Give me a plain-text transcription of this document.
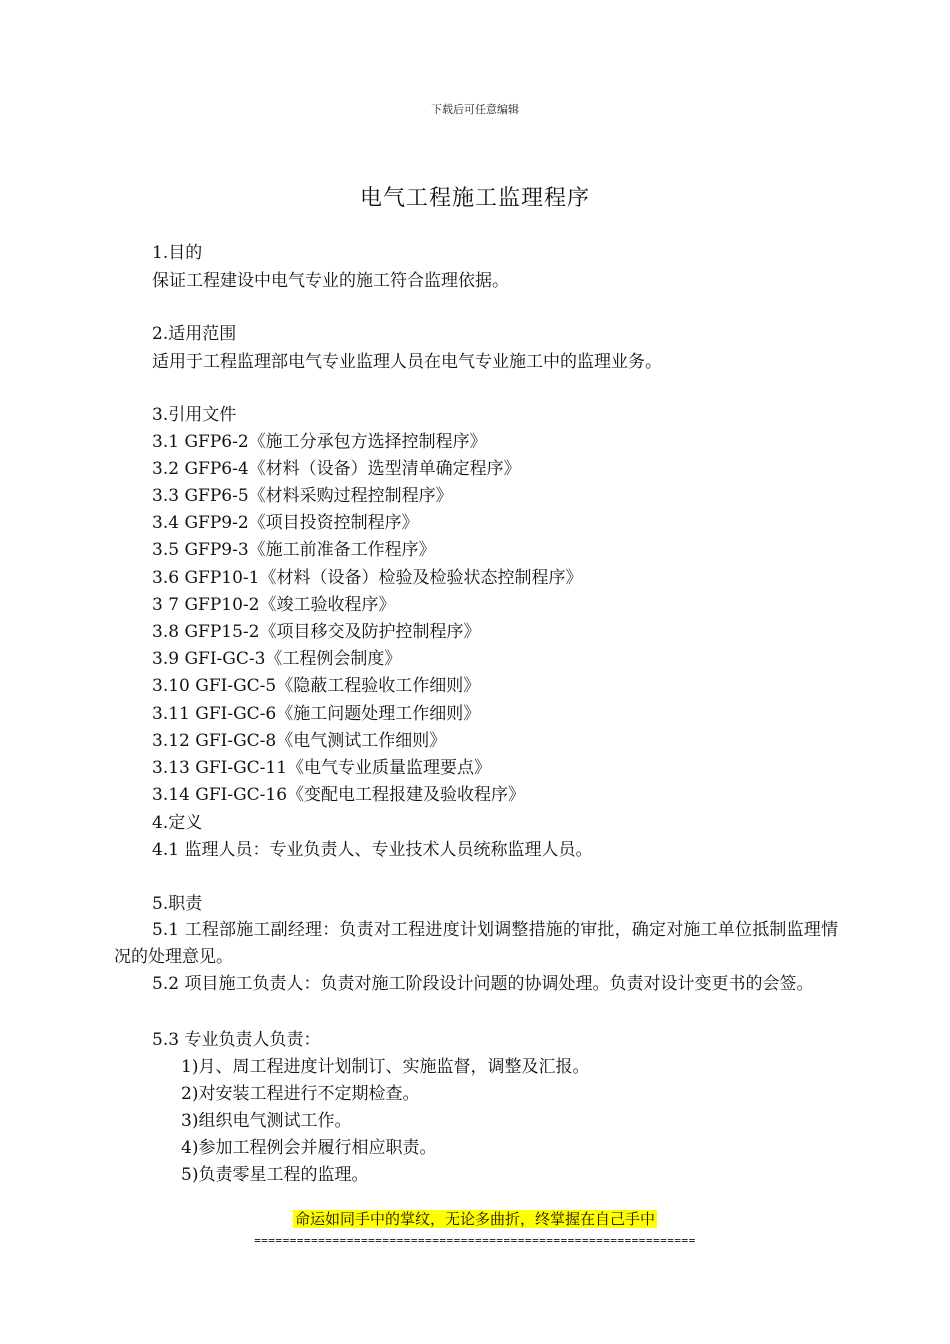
下载后可任意编辑
电气工程施工监理程序
1.目的
保证工程建设中电气专业的施工符合监理依据。
2.适用范围
适用于工程监理部电气专业监理人员在电气专业施工中的监理业务。
3.引用文件
3.1 GFP6-2《施工分承包方选择控制程序》
3.2 GFP6-4《材料（设备）选型清单确定程序》
3.3 GFP6-5《材料采购过程控制程序》
3.4 GFP9-2《项目投资控制程序》
3.5 GFP9-3《施工前准备工作程序》
3.6 GFP10-1《材料（设备）检验及检验状态控制程序》
3 7 GFP10-2《竣工验收程序》
3.8 GFP15-2《项目移交及防护控制程序》
3.9 GFI-GC-3《工程例会制度》
3.10 GFI-GC-5《隐蔽工程验收工作细则》
3.11 GFI-GC-6《施工问题处理工作细则》
3.12 GFI-GC-8《电气测试工作细则》
3.13 GFI-GC-11《电气专业质量监理要点》
3.14 GFI-GC-16《变配电工程报建及验收程序》
4.定义
4.1 监理人员：专业负责人、专业技术人员统称监理人员。
5.职责
5.1 工程部施工副经理：负责对工程进度计划调整措施的审批，确定对施工单位抵制监理情况的处理意见。
5.2 项目施工负责人：负责对施工阶段设计问题的协调处理。负责对设计变更书的会签。
5.3 专业负责人负责：
1)月、周工程进度计划制订、实施监督，调整及汇报。
2)对安装工程进行不定期检查。
3)组织电气测试工作。
4)参加工程例会并履行相应职责。
5)负责零星工程的监理。
命运如同手中的掌纹，无论多曲折，终掌握在自己手中
==============================================================
